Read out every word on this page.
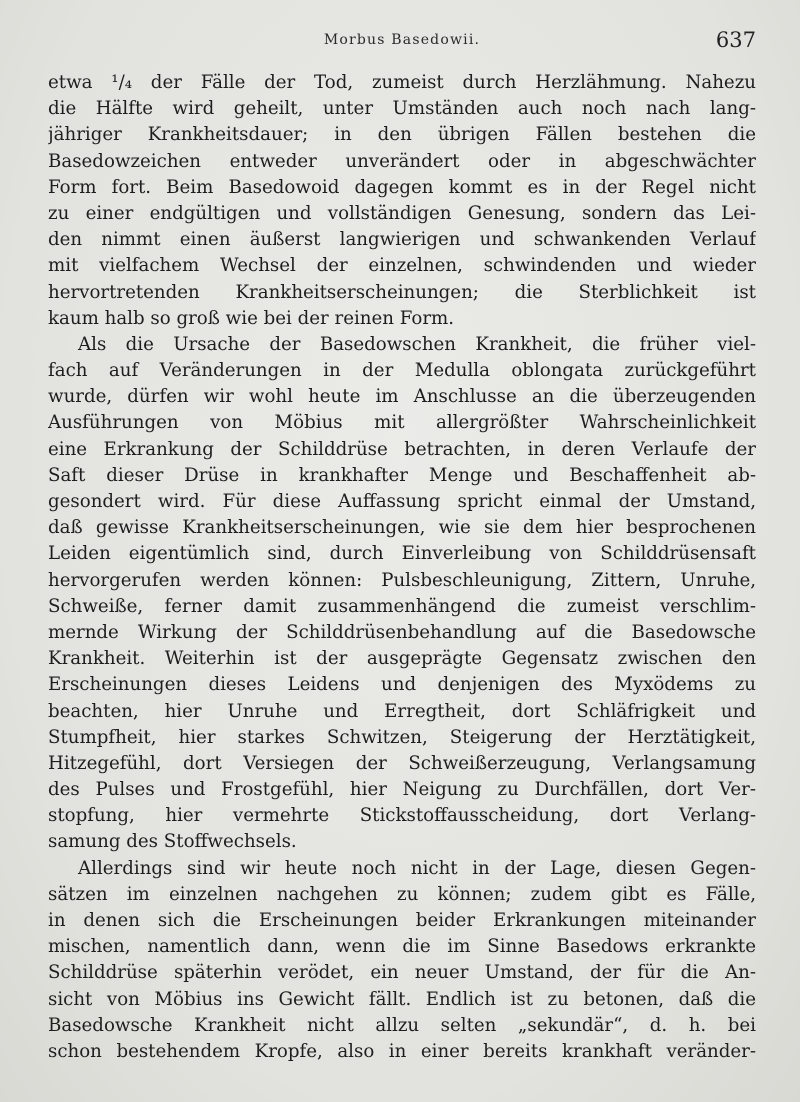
Morbus Basedowii.	637
etwa ¹/₄ der Fälle der Tod, zumeist durch Herzlähmung. Nahezu
die Hälfte wird geheilt, unter Umständen auch noch nach lang-
jähriger Krankheitsdauer; in den übrigen Fällen bestehen die
Basedowzeichen entweder unverändert oder in abgeschwächter
Form fort. Beim Basedowoid dagegen kommt es in der Regel nicht
zu einer endgültigen und vollständigen Genesung, sondern das Lei-
den nimmt einen äußerst langwierigen und schwankenden Verlauf
mit vielfachem Wechsel der einzelnen, schwindenden und wieder
hervortretenden Krankheitserscheinungen; die Sterblichkeit ist
kaum halb so groß wie bei der reinen Form.
Als die Ursache der Basedowschen Krankheit, die früher viel-
fach auf Veränderungen in der Medulla oblongata zurückgeführt
wurde, dürfen wir wohl heute im Anschlusse an die überzeugenden
Ausführungen von Möbius mit allergrößter Wahrscheinlichkeit
eine Erkrankung der Schilddrüse betrachten, in deren Verlaufe der
Saft dieser Drüse in krankhafter Menge und Beschaffenheit ab-
gesondert wird. Für diese Auffassung spricht einmal der Umstand,
daß gewisse Krankheitserscheinungen, wie sie dem hier besprochenen
Leiden eigentümlich sind, durch Einverleibung von Schilddrüsensaft
hervorgerufen werden können: Pulsbeschleunigung, Zittern, Unruhe,
Schweiße, ferner damit zusammenhängend die zumeist verschlim-
mernde Wirkung der Schilddrüsenbehandlung auf die Basedowsche
Krankheit. Weiterhin ist der ausgeprägte Gegensatz zwischen den
Erscheinungen dieses Leidens und denjenigen des Myxödems zu
beachten, hier Unruhe und Erregtheit, dort Schläfrigkeit und
Stumpfheit, hier starkes Schwitzen, Steigerung der Herztätigkeit,
Hitzegefühl, dort Versiegen der Schweißerzeugung, Verlangsamung
des Pulses und Frostgefühl, hier Neigung zu Durchfällen, dort Ver-
stopfung, hier vermehrte Stickstoffausscheidung, dort Verlang-
samung des Stoffwechsels.
Allerdings sind wir heute noch nicht in der Lage, diesen Gegen-
sätzen im einzelnen nachgehen zu können; zudem gibt es Fälle,
in denen sich die Erscheinungen beider Erkrankungen miteinander
mischen, namentlich dann, wenn die im Sinne Basedows erkrankte
Schilddrüse späterhin verödet, ein neuer Umstand, der für die An-
sicht von Möbius ins Gewicht fällt. Endlich ist zu betonen, daß die
Basedowsche Krankheit nicht allzu selten „sekundär“, d. h. bei
schon bestehendem Kropfe, also in einer bereits krankhaft veränder-
